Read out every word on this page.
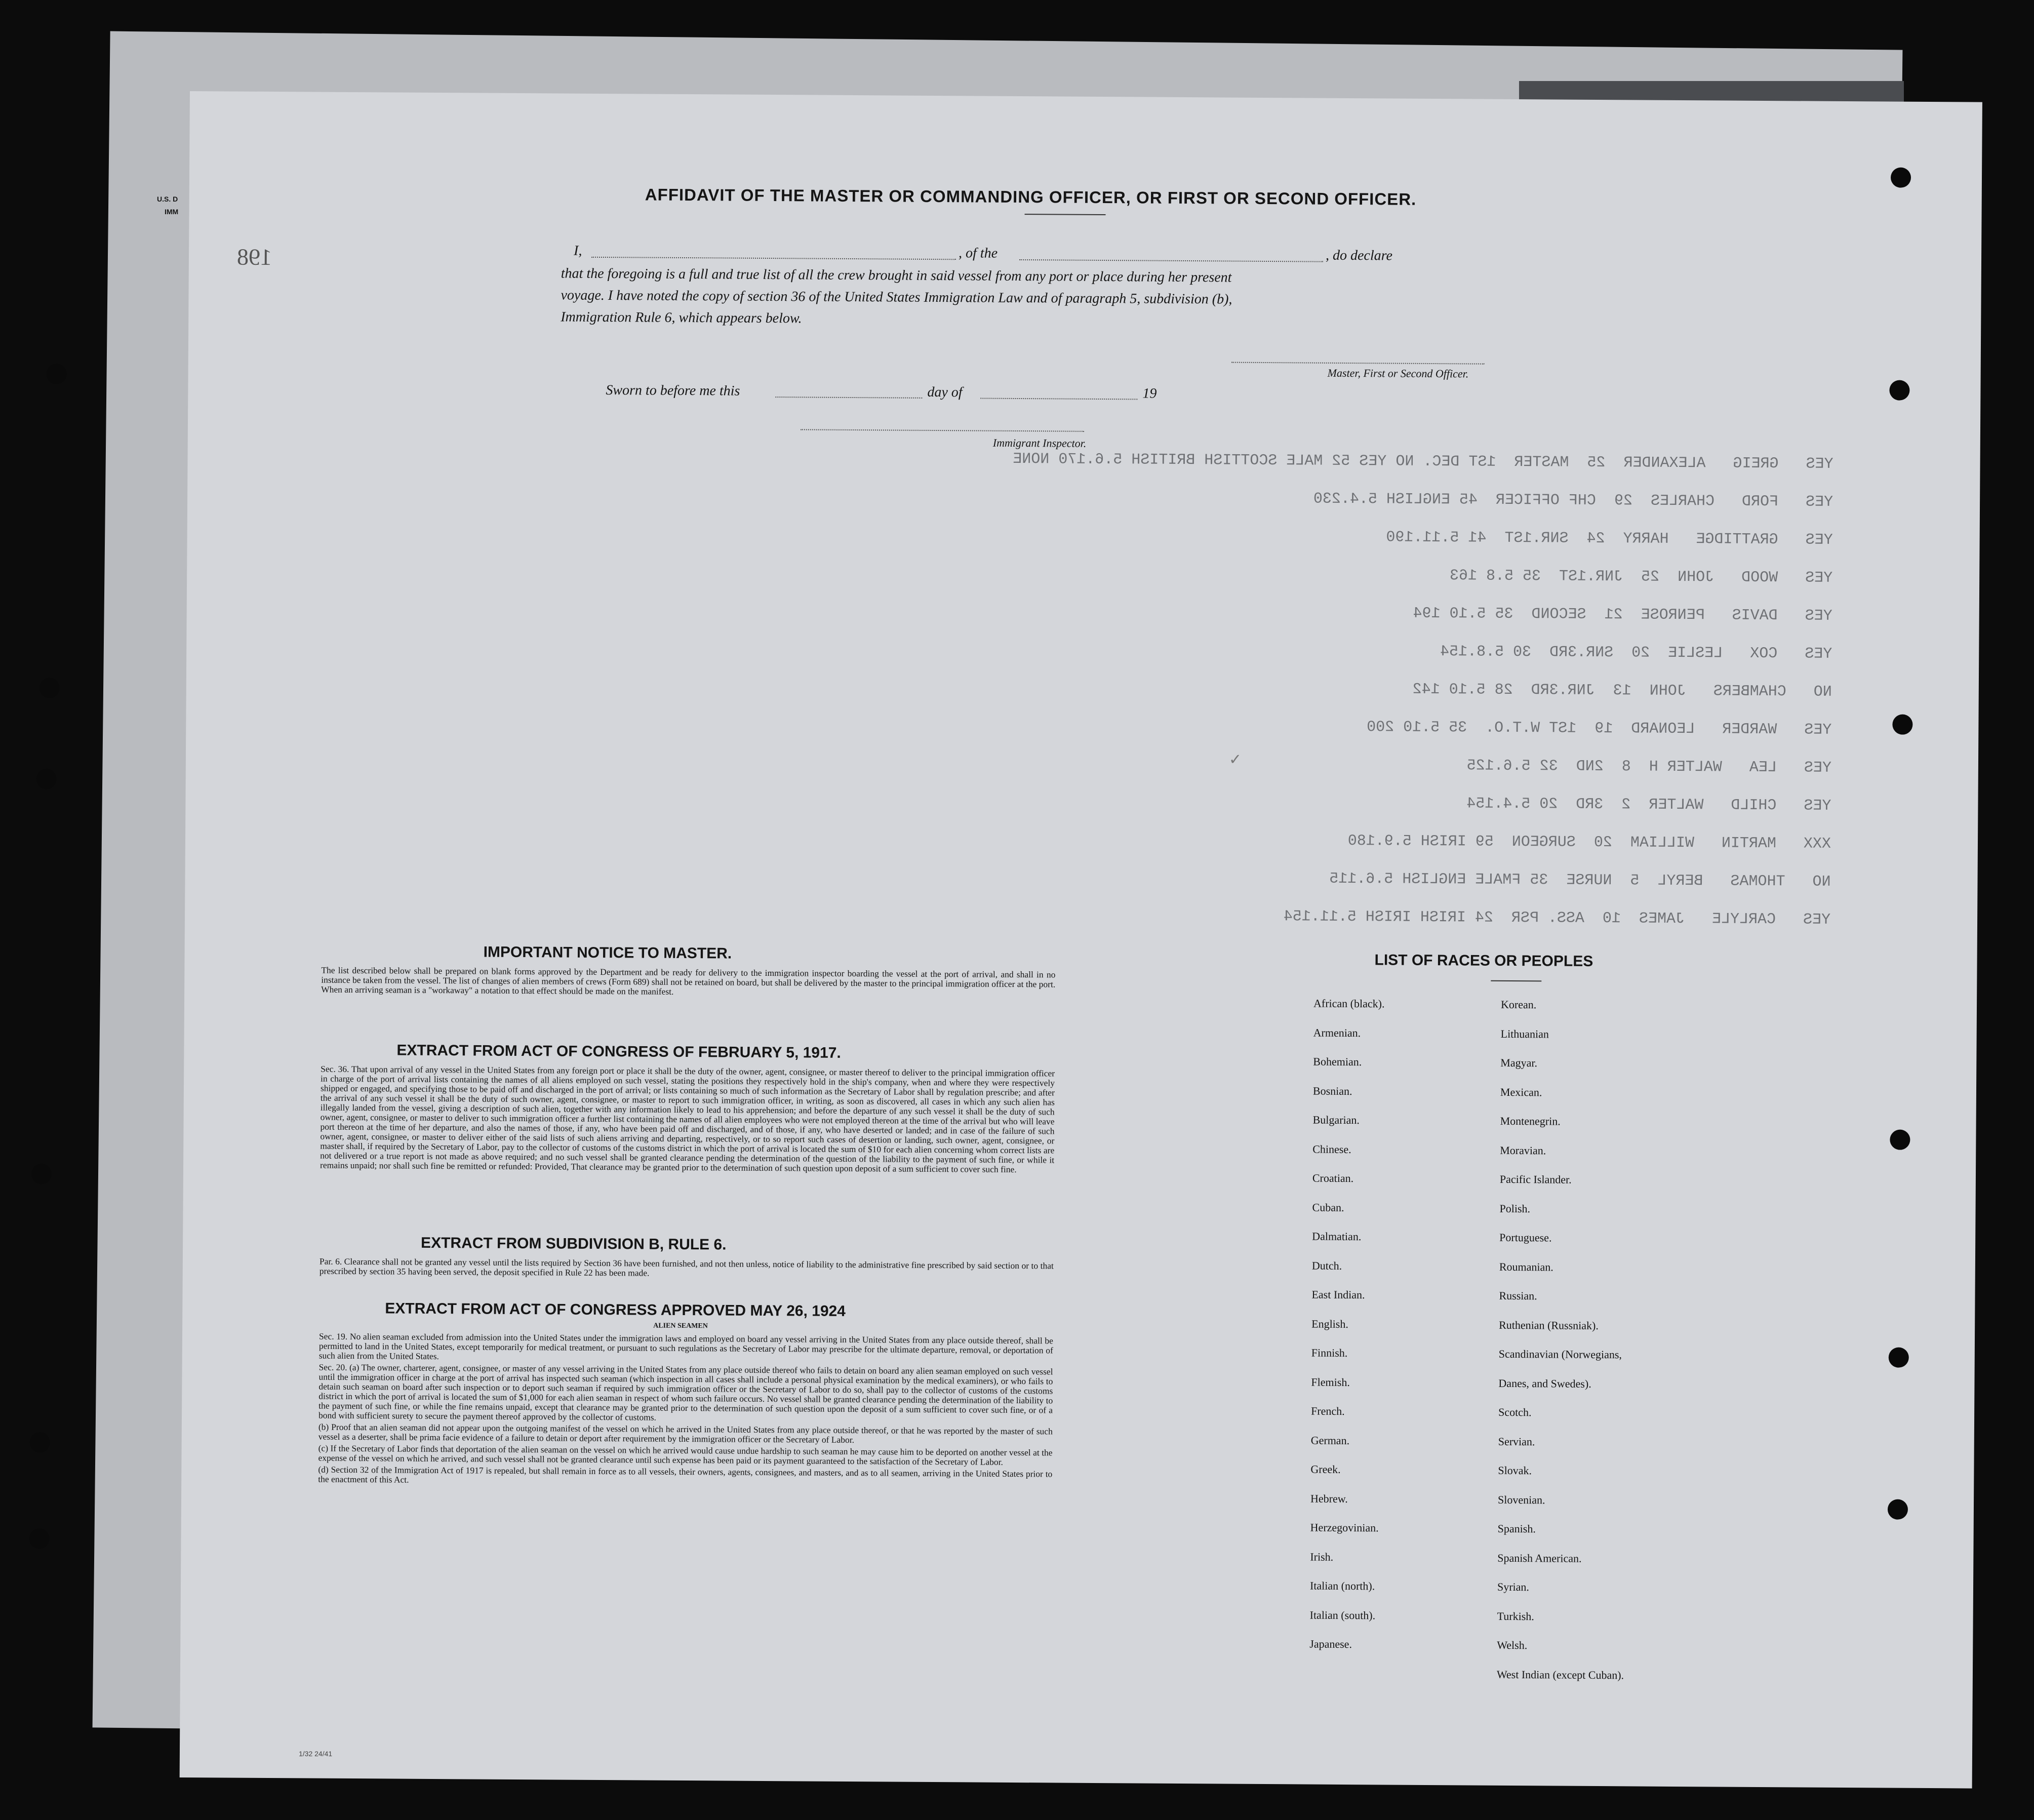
198
AFFIDAVIT OF THE MASTER OR COMMANDING OFFICER, OR FIRST OR SECOND OFFICER.
I,	, of the	, do declare
that the foregoing is a full and true list of all the crew brought in said vessel from any port or place during her present
voyage. I have noted the copy of section 36 of the United States Immigration Law and of paragraph 5, subdivision (b),
Immigration Rule 6, which appears below.
Master, First or Second Officer.
Sworn to before me this	day of	19
Immigrant Inspector.
YES   GREIG   ALEXANDER  25  MASTER  1ST DEC. NO YES 52 MALE SCOTTISH BRITISH 5.6.170 NONE
YES   FORD   CHARLES  29  CHF OFFICER  45 ENGLISH 5.4.230
YES   GRATTIDGE   HARRY  24  SNR.1ST  41 5.11.190
YES   WOOD   JOHN  25  JNR.1ST  35 5.8 163
YES   DAVIS   PENROSE  21  SECOND  35 5.10 194
YES   COX   LESLIE  20  SNR.3RD  30 5.8.154
NO   CHAMBERS   JOHN  13  JNR.3RD  28 5.10 142
YES   WARDER   LEONARD  19  1ST W.T.O.  35 5.10 200
YES   LEA   WALTER H  8  2ND  32 5.6.125
YES   CHILD   WALTER  2  3RD  20 5.4.154
XXX   MARTIN   WILLIAM  20  SURGEON  59 IRISH 5.9.180
NO   THOMAS   BERYL  5  NURSE  35 FMALE ENGLISH 5.6.115
YES   CARLYLE   JAMES  10  ASS. PSR  24 IRISH IRISH 5.11.154
IMPORTANT NOTICE TO MASTER.

The list described below shall be prepared on blank forms approved by the Department and be ready for delivery to the immigration inspector boarding the vessel at the port of arrival, and shall in no instance be taken from the vessel. The list of changes of alien members of crews (Form 689) shall not be retained on board, but shall be delivered by the master to the principal immigration officer at the port. When an arriving seaman is a "workaway" a notation to that effect should be made on the manifest.

EXTRACT FROM ACT OF CONGRESS OF FEBRUARY 5, 1917.

Sec. 36. That upon arrival of any vessel in the United States from any foreign port or place it shall be the duty of the owner, agent, consignee, or master thereof to deliver to the principal immigration officer in charge of the port of arrival lists containing the names of all aliens employed on such vessel, stating the positions they respectively hold in the ship's company, when and where they were respectively shipped or engaged, and specifying those to be paid off and discharged in the port of arrival; or lists containing so much of such information as the Secretary of Labor shall by regulation prescribe; and after the arrival of any such vessel it shall be the duty of such owner, agent, consignee, or master to report to such immigration officer, in writing, as soon as discovered, all cases in which any such alien has illegally landed from the vessel, giving a description of such alien, together with any information likely to lead to his apprehension; and before the departure of any such vessel it shall be the duty of such owner, agent, consignee, or master to deliver to such immigration officer a further list containing the names of all alien employees who were not employed thereon at the time of the arrival but who will leave port thereon at the time of her departure, and also the names of those, if any, who have been paid off and discharged, and of those, if any, who have deserted or landed; and in case of the failure of such owner, agent, consignee, or master to deliver either of the said lists of such aliens arriving and departing, respectively, or to so report such cases of desertion or landing, such owner, agent, consignee, or master shall, if required by the Secretary of Labor, pay to the collector of customs of the customs district in which the port of arrival is located the sum of $10 for each alien concerning whom correct lists are not delivered or a true report is not made as above required; and no such vessel shall be granted clearance pending the determination of the question of the liability to the payment of such fine, or while it remains unpaid; nor shall such fine be remitted or refunded: Provided, That clearance may be granted prior to the determination of such question upon deposit of a sum sufficient to cover such fine.

EXTRACT FROM SUBDIVISION B, RULE 6.

Par. 6. Clearance shall not be granted any vessel until the lists required by Section 36 have been furnished, and not then unless, notice of liability to the administrative fine prescribed by said section or to that prescribed by section 35 having been served, the deposit specified in Rule 22 has been made.

EXTRACT FROM ACT OF CONGRESS APPROVED MAY 26, 1924
ALIEN SEAMEN

Sec. 19. No alien seaman excluded from admission into the United States under the immigration laws and employed on board any vessel arriving in the United States from any place outside thereof, shall be permitted to land in the United States, except temporarily for medical treatment, or pursuant to such regulations as the Secretary of Labor may prescribe for the ultimate departure, removal, or deportation of such alien from the United States.

Sec. 20. (a) The owner, charterer, agent, consignee, or master of any vessel arriving in the United States from any place outside thereof who fails to detain on board any alien seaman employed on such vessel until the immigration officer in charge at the port of arrival has inspected such seaman (which inspection in all cases shall include a personal physical examination by the medical examiners), or who fails to detain such seaman on board after such inspection or to deport such seaman if required by such immigration officer or the Secretary of Labor to do so, shall pay to the collector of customs of the customs district in which the port of arrival is located the sum of $1,000 for each alien seaman in respect of whom such failure occurs. No vessel shall be granted clearance pending the determination of the liability to the payment of such fine, or while the fine remains unpaid, except that clearance may be granted prior to the determination of such question upon the deposit of a sum sufficient to cover such fine, or of a bond with sufficient surety to secure the payment thereof approved by the collector of customs.

(b) Proof that an alien seaman did not appear upon the outgoing manifest of the vessel on which he arrived in the United States from any place outside thereof, or that he was reported by the master of such vessel as a deserter, shall be prima facie evidence of a failure to detain or deport after requirement by the immigration officer or the Secretary of Labor.

(c) If the Secretary of Labor finds that deportation of the alien seaman on the vessel on which he arrived would cause undue hardship to such seaman he may cause him to be deported on another vessel at the expense of the vessel on which he arrived, and such vessel shall not be granted clearance until such expense has been paid or its payment guaranteed to the satisfaction of the Secretary of Labor.

(d) Section 32 of the Immigration Act of 1917 is repealed, but shall remain in force as to all vessels, their owners, agents, consignees, and masters, and as to all seamen, arriving in the United States prior to the enactment of this Act.

LIST OF RACES OR PEOPLES
African (black).
Armenian.
Bohemian.
Bosnian.
Bulgarian.
Chinese.
Croatian.
Cuban.
Dalmatian.
Dutch.
East Indian.
English.
Finnish.
Flemish.
French.
German.
Greek.
Hebrew.
Herzegovinian.
Irish.
Italian (north).
Italian (south).
Japanese.
Korean.
Lithuanian
Magyar.
Mexican.
Montenegrin.
Moravian.
Pacific Islander.
Polish.
Portuguese.
Roumanian.
Russian.
Ruthenian (Russniak).
Scandinavian (Norwegians,
Danes, and Swedes).
Scotch.
Servian.
Slovak.
Slovenian.
Spanish.
Spanish American.
Syrian.
Turkish.
Welsh.
West Indian (except Cuban).
✓
U.S. D
IMM
1/32 24/41
